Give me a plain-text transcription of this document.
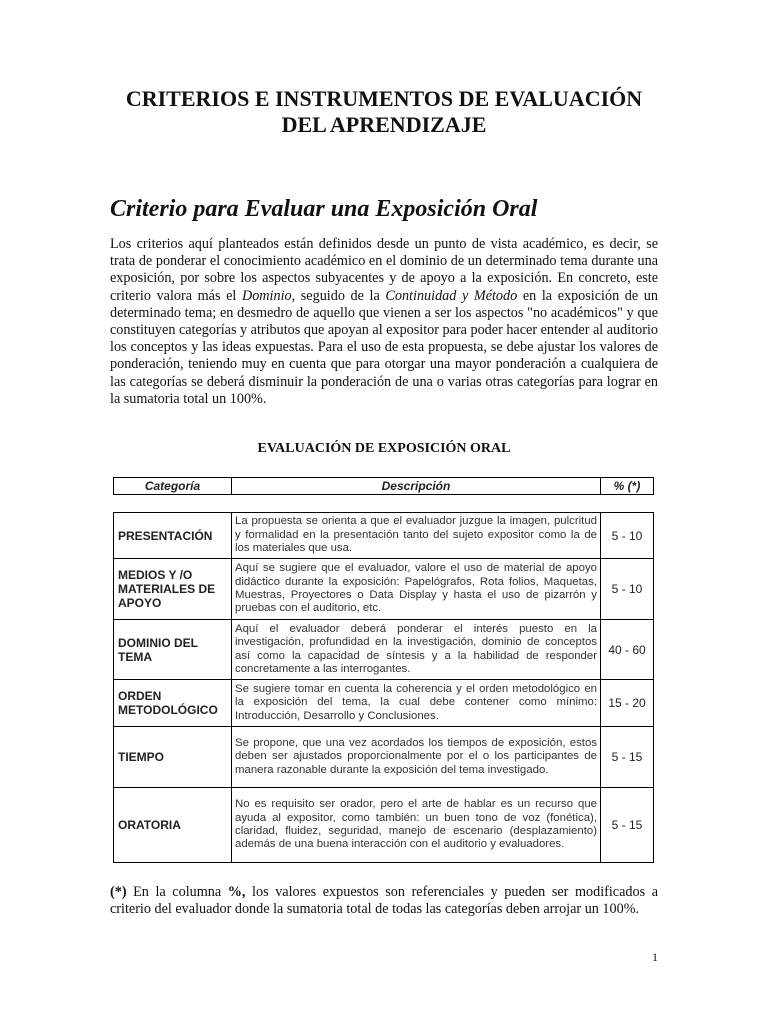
CRITERIOS E INSTRUMENTOS DE EVALUACIÓN
DEL APRENDIZAJE
Criterio para Evaluar una Exposición Oral

Los criterios aquí planteados están definidos desde un punto de vista académico, es decir, se trata de ponderar el conocimiento académico en el dominio de un determinado tema durante una exposición, por sobre los aspectos subyacentes y de apoyo a la exposición. En concreto, este criterio valora más el Dominio, seguido de la Continuidad y Método en la exposición de un determinado tema; en desmedro de aquello que vienen a ser los aspectos "no académicos" y que constituyen categorías y atributos que apoyan al expositor para poder hacer entender al auditorio los conceptos y las ideas expuestas. Para el uso de esta propuesta, se debe ajustar los valores de ponderación, teniendo muy en cuenta que para otorgar una mayor ponderación a cualquiera de las categorías se deberá disminuir la ponderación de una o varias otras categorías para lograr en la sumatoria total un 100%.

EVALUACIÓN DE EXPOSICIÓN ORAL
Categoría	Descripción	% (*)
PRESENTACIÓN
La propuesta se orienta a que el evaluador juzgue la imagen, pulcritud y formalidad en la presentación tanto del sujeto expositor como la de los materiales que usa.
5 - 10
MEDIOS Y /O MATERIALES DE APOYO
Aquí se sugiere que el evaluador, valore el uso de material de apoyo didáctico durante la exposición: Papelógrafos, Rota folios, Maquetas, Muestras, Proyectores o Data Display y hasta el uso de pizarrón y pruebas con el auditorio, etc.
5 - 10
DOMINIO DEL TEMA
Aquí el evaluador deberá ponderar el interés puesto en la investigación, profundidad en la investigación, dominio de conceptos así como la capacidad de síntesis y a la habilidad de responder concretamente a las interrogantes.
40 - 60
ORDEN METODOLÓGICO
Se sugiere tomar en cuenta la coherencia y el orden metodológico en la exposición del tema, la cual debe contener como mínimo: Introducción, Desarrollo y Conclusiones.
15 - 20
TIEMPO
Se propone, que una vez acordados los tiempos de exposición, estos deben ser ajustados proporcionalmente por el o los participantes de manera razonable durante la exposición del tema investigado.
5 - 15
ORATORIA
No es requisito ser orador, pero el arte de hablar es un recurso que ayuda al expositor, como también: un buen tono de voz (fonética), claridad, fluidez, seguridad, manejo de escenario (desplazamiento) además de una buena interacción con el auditorio y evaluadores.
5 - 15

(*) En la columna %, los valores expuestos son referenciales y pueden ser modificados a criterio del evaluador donde la sumatoria total de todas las categorías deben arrojar un 100%.

1
